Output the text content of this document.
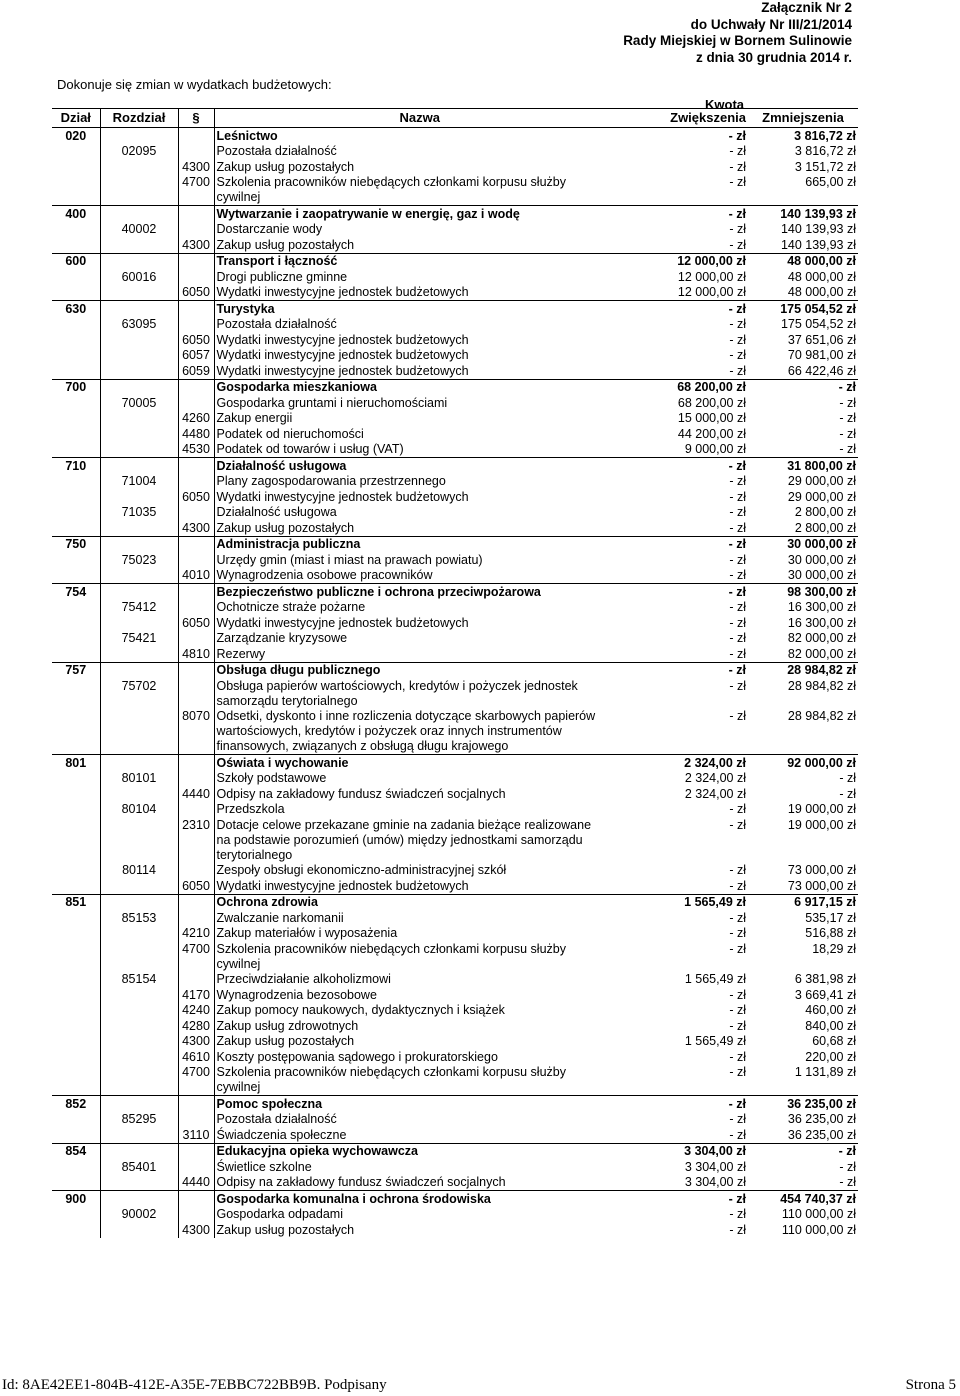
Załącznik Nr 2
do Uchwały Nr III/21/2014
Rady Miejskiej w Bornem Sulinowie
z dnia 30 grudnia 2014 r.
Dokonuje się zmian w wydatkach budżetowych:
Kwota
Dział	Rozdział	§	Nazwa	Zwiększenia	Zmniejszenia
020			Leśnictwo	- zł	3 816,72 zł
	02095		Pozostała działalność	- zł	3 816,72 zł
		4300	Zakup usług pozostałych	- zł	3 151,72 zł
		4700	Szkolenia pracowników niebędących członkami korpusu służby
cywilnej	- zł	665,00 zł
400			Wytwarzanie i zaopatrywanie w energię, gaz i wodę	- zł	140 139,93 zł
	40002		Dostarczanie wody	- zł	140 139,93 zł
		4300	Zakup usług pozostałych	- zł	140 139,93 zł
600			Transport i łączność	12 000,00 zł	48 000,00 zł
	60016		Drogi publiczne gminne	12 000,00 zł	48 000,00 zł
		6050	Wydatki inwestycyjne jednostek budżetowych	12 000,00 zł	48 000,00 zł
630			Turystyka	- zł	175 054,52 zł
	63095		Pozostała działalność	- zł	175 054,52 zł
		6050	Wydatki inwestycyjne jednostek budżetowych	- zł	37 651,06 zł
		6057	Wydatki inwestycyjne jednostek budżetowych	- zł	70 981,00 zł
		6059	Wydatki inwestycyjne jednostek budżetowych	- zł	66 422,46 zł
700			Gospodarka mieszkaniowa	68 200,00 zł	- zł
	70005		Gospodarka gruntami i nieruchomościami	68 200,00 zł	- zł
		4260	Zakup energii	15 000,00 zł	- zł
		4480	Podatek od nieruchomości	44 200,00 zł	- zł
		4530	Podatek od towarów i usług (VAT)	9 000,00 zł	- zł
710			Działalność usługowa	- zł	31 800,00 zł
	71004		Plany zagospodarowania przestrzennego	- zł	29 000,00 zł
		6050	Wydatki inwestycyjne jednostek budżetowych	- zł	29 000,00 zł
	71035		Działalność usługowa	- zł	2 800,00 zł
		4300	Zakup usług pozostałych	- zł	2 800,00 zł
750			Administracja publiczna	- zł	30 000,00 zł
	75023		Urzędy gmin (miast i miast na prawach powiatu)	- zł	30 000,00 zł
		4010	Wynagrodzenia osobowe pracowników	- zł	30 000,00 zł
754			Bezpieczeństwo publiczne i ochrona przeciwpożarowa	- zł	98 300,00 zł
	75412		Ochotnicze straże pożarne	- zł	16 300,00 zł
		6050	Wydatki inwestycyjne jednostek budżetowych	- zł	16 300,00 zł
	75421		Zarządzanie kryzysowe	- zł	82 000,00 zł
		4810	Rezerwy	- zł	82 000,00 zł
757			Obsługa długu publicznego	- zł	28 984,82 zł
	75702		Obsługa papierów wartościowych, kredytów i pożyczek jednostek
samorządu terytorialnego	- zł	28 984,82 zł
		8070	Odsetki, dyskonto i inne rozliczenia dotyczące skarbowych papierów
wartościowych, kredytów i pożyczek oraz innych instrumentów
finansowych, związanych z obsługą długu krajowego	- zł	28 984,82 zł
801			Oświata i wychowanie	2 324,00 zł	92 000,00 zł
	80101		Szkoły podstawowe	2 324,00 zł	- zł
		4440	Odpisy na zakładowy fundusz świadczeń socjalnych	2 324,00 zł	- zł
	80104		Przedszkola	- zł	19 000,00 zł
		2310	Dotacje celowe przekazane gminie na zadania bieżące realizowane
na podstawie porozumień (umów) między jednostkami samorządu
terytorialnego	- zł	19 000,00 zł
	80114		Zespoły obsługi ekonomiczno-administracyjnej szkół	- zł	73 000,00 zł
		6050	Wydatki inwestycyjne jednostek budżetowych	- zł	73 000,00 zł
851			Ochrona zdrowia	1 565,49 zł	6 917,15 zł
	85153		Zwalczanie narkomanii	- zł	535,17 zł
		4210	Zakup materiałów i wyposażenia	- zł	516,88 zł
		4700	Szkolenia pracowników niebędących członkami korpusu służby
cywilnej	- zł	18,29 zł
	85154		Przeciwdziałanie alkoholizmowi	1 565,49 zł	6 381,98 zł
		4170	Wynagrodzenia bezosobowe	- zł	3 669,41 zł
		4240	Zakup pomocy naukowych, dydaktycznych i książek	- zł	460,00 zł
		4280	Zakup usług zdrowotnych	- zł	840,00 zł
		4300	Zakup usług pozostałych	1 565,49 zł	60,68 zł
		4610	Koszty postępowania sądowego i prokuratorskiego	- zł	220,00 zł
		4700	Szkolenia pracowników niebędących członkami korpusu służby
cywilnej	- zł	1 131,89 zł
852			Pomoc społeczna	- zł	36 235,00 zł
	85295		Pozostała działalność	- zł	36 235,00 zł
		3110	Świadczenia społeczne	- zł	36 235,00 zł
854			Edukacyjna opieka wychowawcza	3 304,00 zł	- zł
	85401		Świetlice szkolne	3 304,00 zł	- zł
		4440	Odpisy na zakładowy fundusz świadczeń socjalnych	3 304,00 zł	- zł
900			Gospodarka komunalna i ochrona środowiska	- zł	454 740,37 zł
	90002		Gospodarka odpadami	- zł	110 000,00 zł
		4300	Zakup usług pozostałych	- zł	110 000,00 zł
Id: 8AE42EE1-804B-412E-A35E-7EBBC722BB9B. Podpisany	Strona 5
